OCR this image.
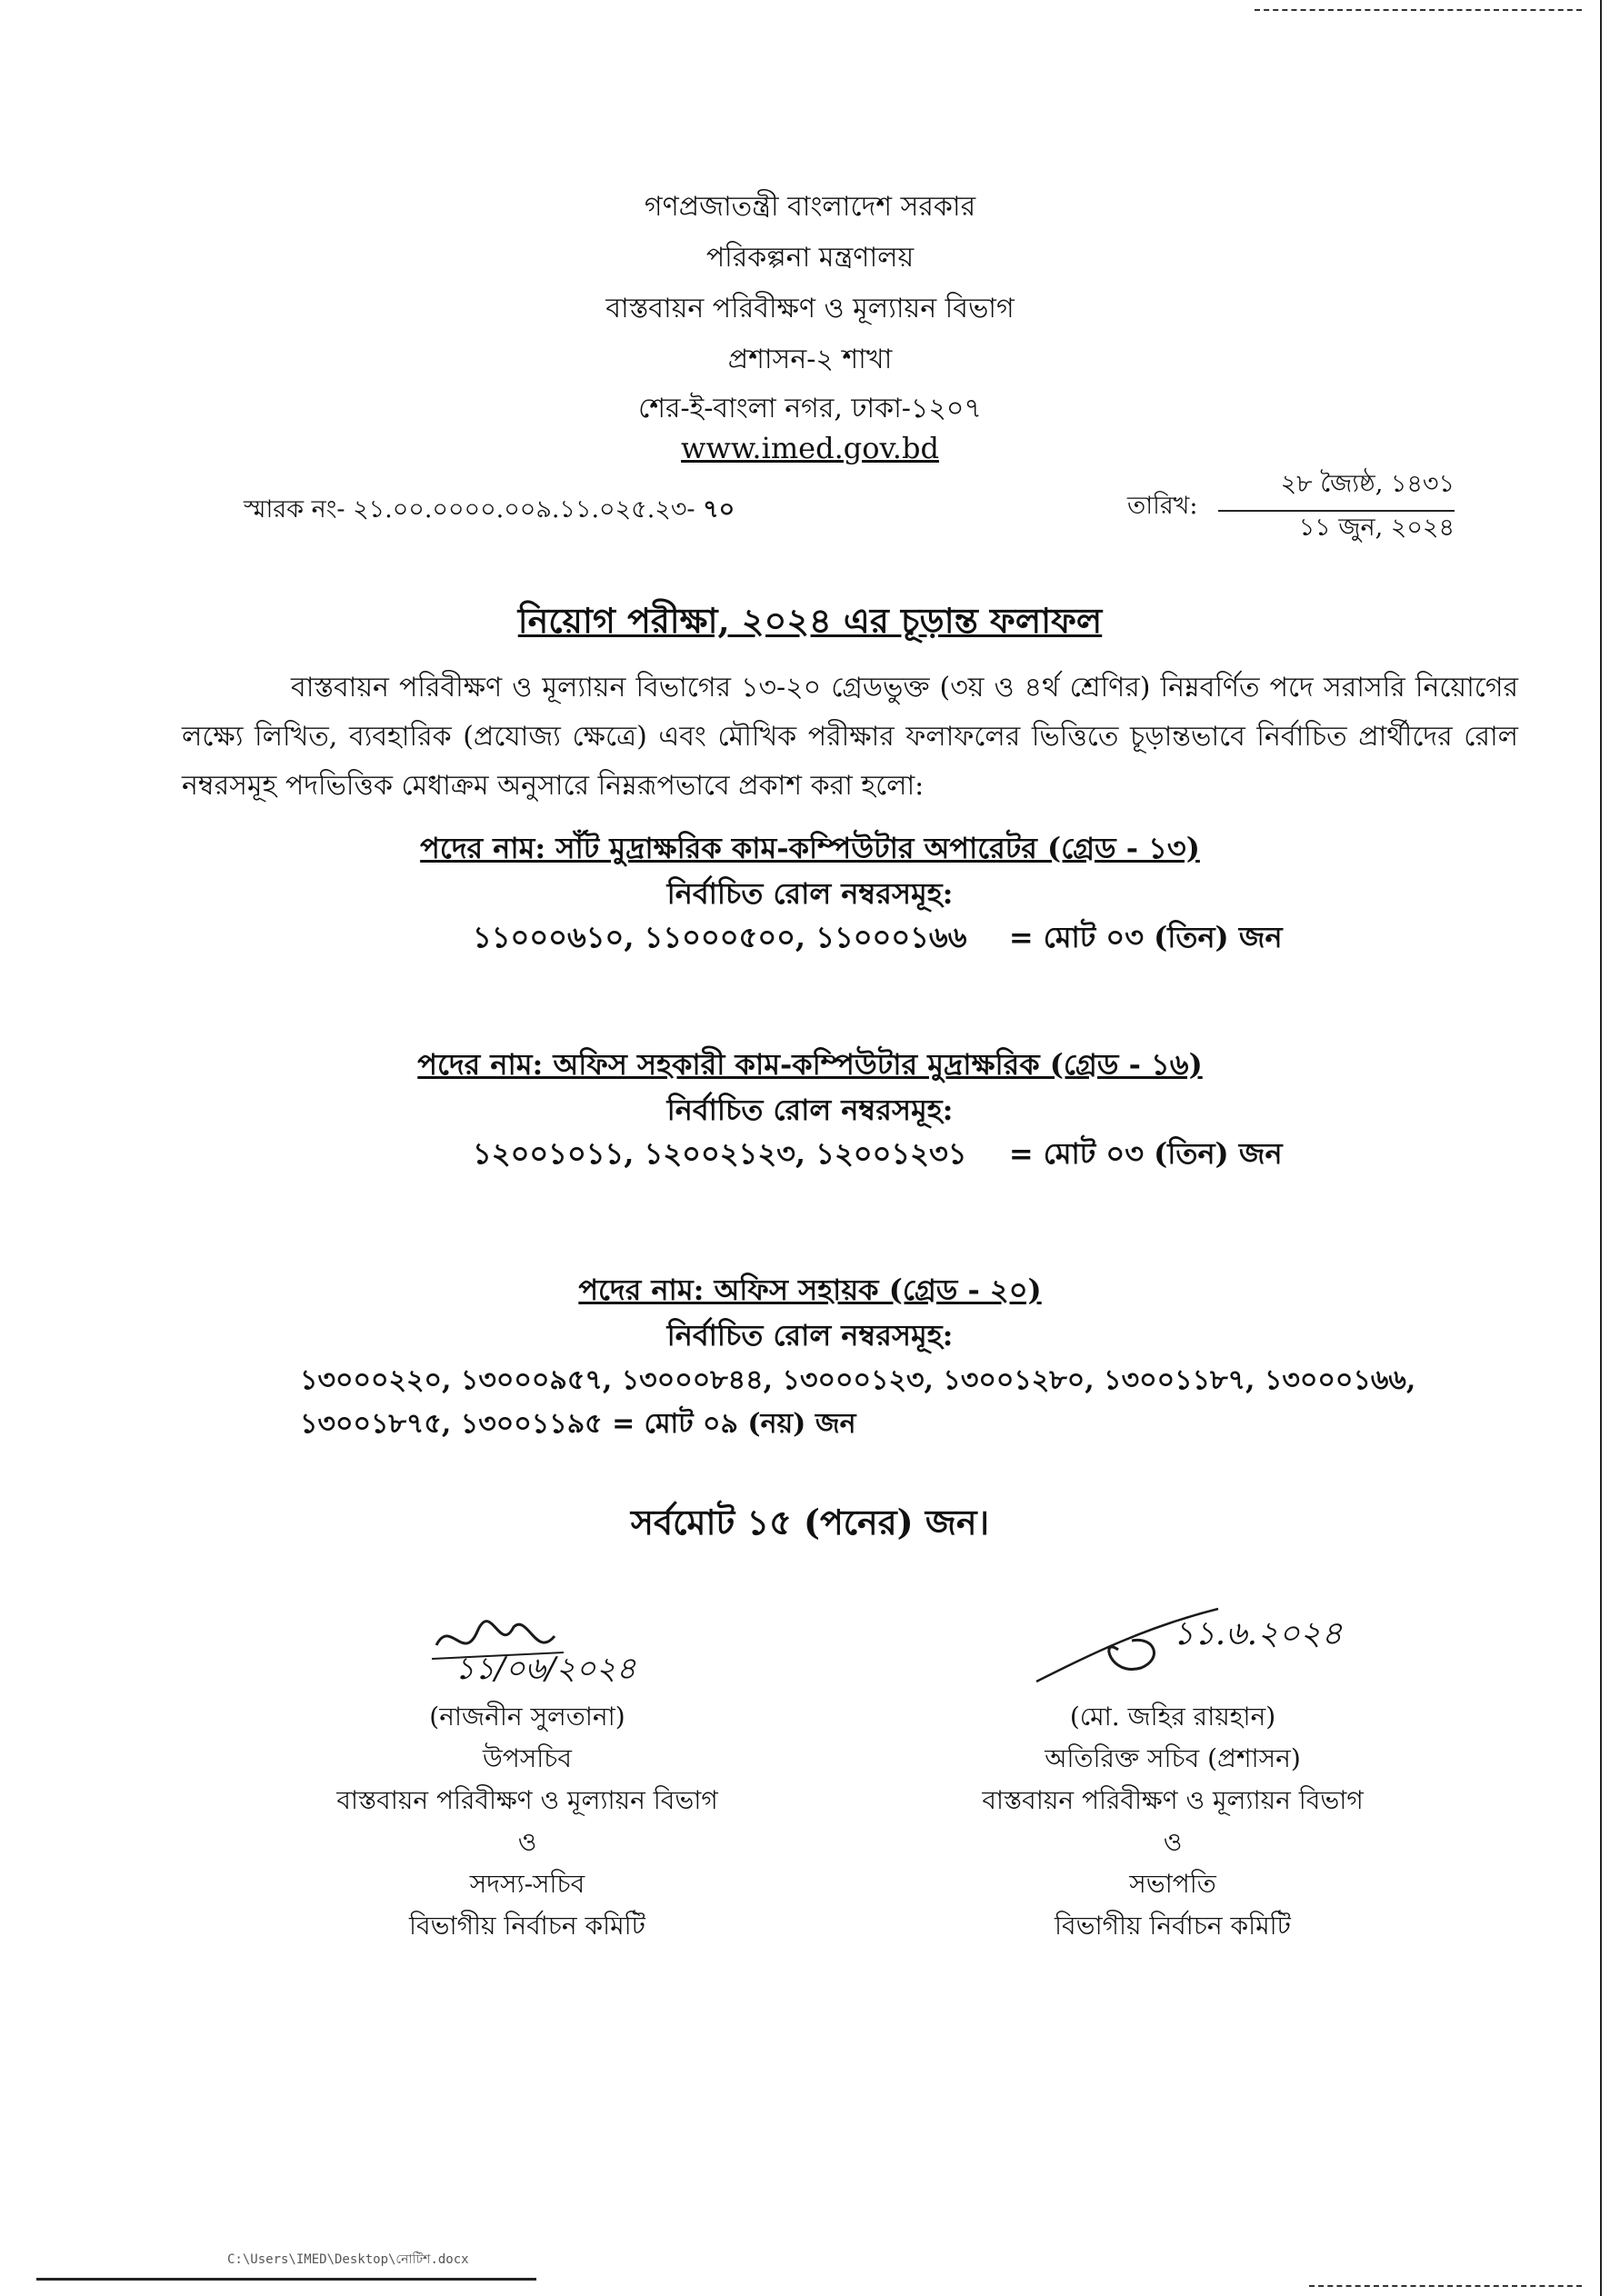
গণপ্রজাতন্ত্রী বাংলাদেশ সরকার
পরিকল্পনা মন্ত্রণালয়
বাস্তবায়ন পরিবীক্ষণ ও মূল্যায়ন বিভাগ
প্রশাসন-২ শাখা
শের-ই-বাংলা নগর, ঢাকা-১২০৭
www.imed.gov.bd
স্মারক নং- ২১.০০.০০০০.০০৯.১১.০২৫.২৩- ৭০	তারিখ:
২৮ জ্যৈষ্ঠ, ১৪৩১
১১ জুন, ২০২৪
নিয়োগ পরীক্ষা, ২০২৪ এর চূড়ান্ত ফলাফল
বাস্তবায়ন পরিবীক্ষণ ও মূল্যায়ন বিভাগের ১৩-২০ গ্রেডভুক্ত (৩য় ও ৪র্থ শ্রেণির) নিম্নবর্ণিত পদে সরাসরি নিয়োগের লক্ষ্যে লিখিত, ব্যবহারিক (প্রযোজ্য ক্ষেত্রে) এবং মৌখিক পরীক্ষার ফলাফলের ভিত্তিতে চূড়ান্তভাবে নির্বাচিত প্রার্থীদের রোল নম্বরসমূহ পদভিত্তিক মেধাক্রম অনুসারে নিম্নরূপভাবে প্রকাশ করা হলো:
পদের নাম: সাঁট মুদ্রাক্ষরিক কাম-কম্পিউটার অপারেটর (গ্রেড - ১৩)
নির্বাচিত রোল নম্বরসমূহ:
১১০০০৬১০, ১১০০০৫০০, ১১০০০১৬৬ = মোট ০৩ (তিন) জন
পদের নাম: অফিস সহকারী কাম-কম্পিউটার মুদ্রাক্ষরিক (গ্রেড - ১৬)
নির্বাচিত রোল নম্বরসমূহ:
১২০০১০১১, ১২০০২১২৩, ১২০০১২৩১ = মোট ০৩ (তিন) জন
পদের নাম: অফিস সহায়ক (গ্রেড - ২০)
নির্বাচিত রোল নম্বরসমূহ:
১৩০০০২২০, ১৩০০০৯৫৭, ১৩০০০৮৪৪, ১৩০০০১২৩, ১৩০০১২৮০, ১৩০০১১৮৭, ১৩০০০১৬৬,
১৩০০১৮৭৫, ১৩০০১১৯৫ = মোট ০৯ (নয়) জন
সর্বমোট ১৫ (পনের) জন।
১১/০৬/২০২৪
(নাজনীন সুলতানা)
উপসচিব
বাস্তবায়ন পরিবীক্ষণ ও মূল্যায়ন বিভাগ
ও
সদস্য-সচিব
বিভাগীয় নির্বাচন কমিটি
১১.৬.২০২৪
(মো. জহির রায়হান)
অতিরিক্ত সচিব (প্রশাসন)
বাস্তবায়ন পরিবীক্ষণ ও মূল্যায়ন বিভাগ
ও
সভাপতি
বিভাগীয় নির্বাচন কমিটি
C:\Users\IMED\Desktop\নোটিশ.docx
